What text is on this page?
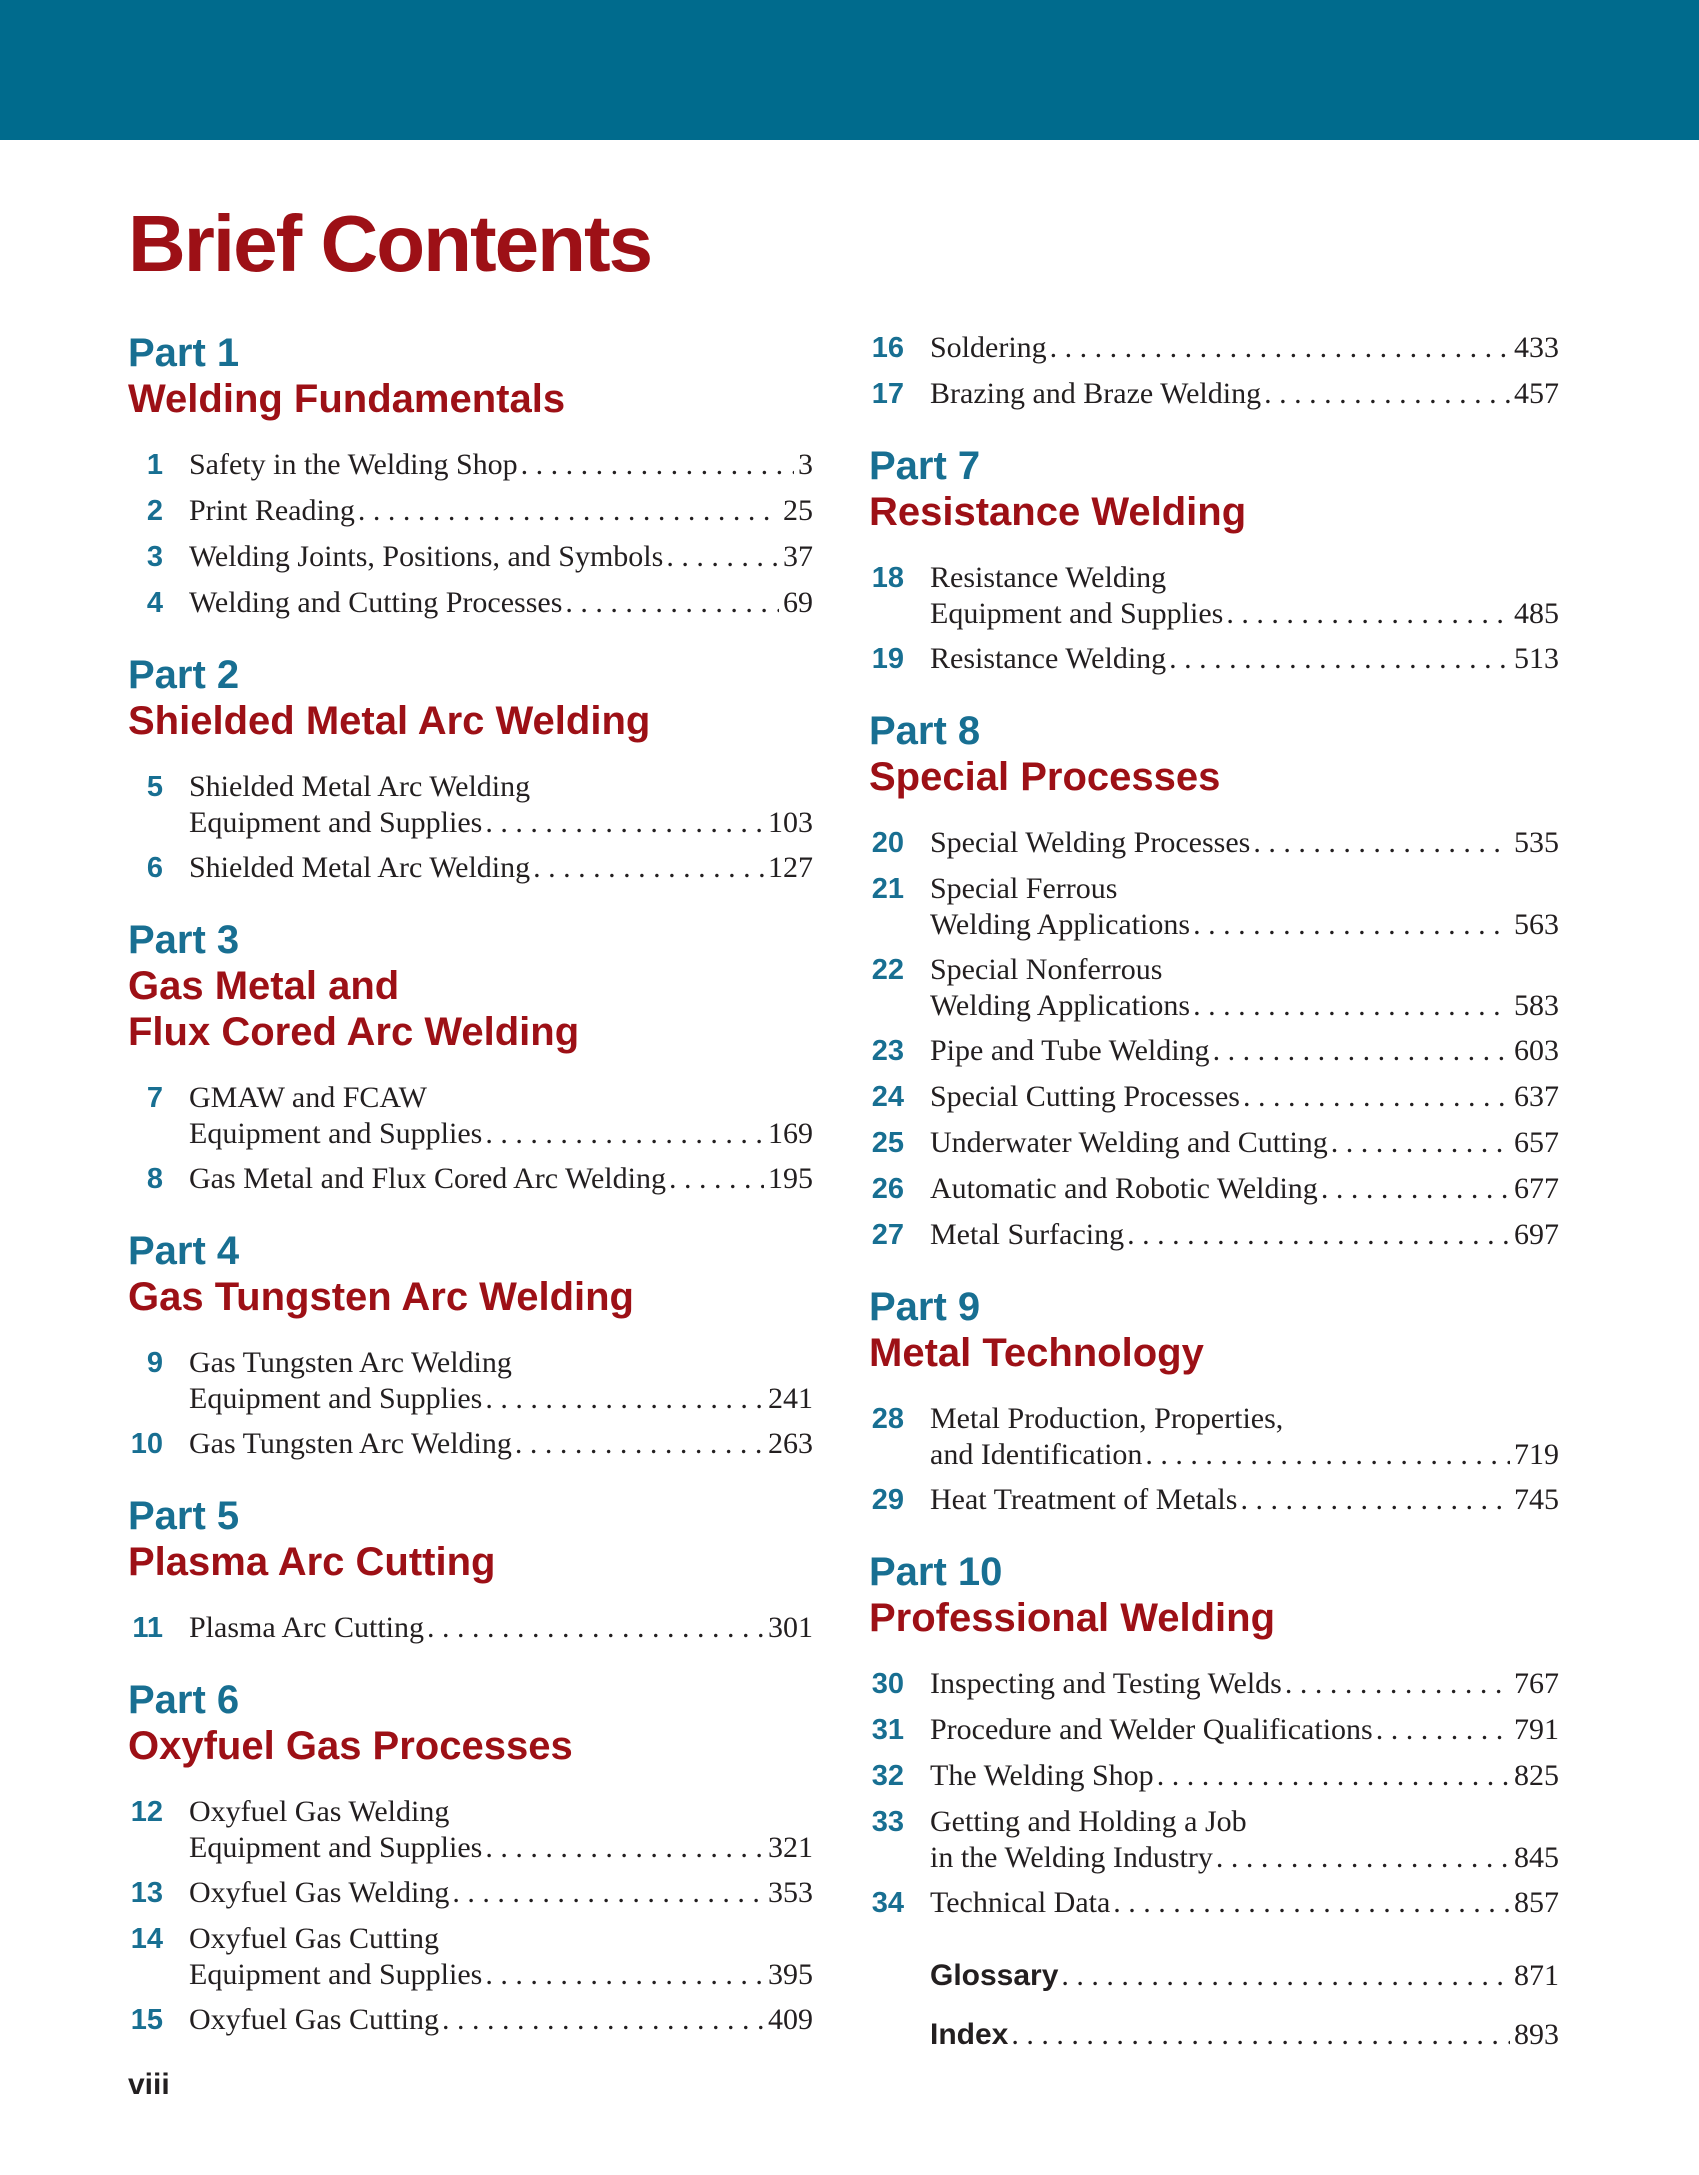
Brief Contents
Part 1
Welding Fundamentals
1 Safety in the Welding Shop . . .	3
2 Print Reading . . .	25
3 Welding Joints, Positions, and Symbols . . .	37
4 Welding and Cutting Processes . . .	69
Part 2
Shielded Metal Arc Welding
5 Shielded Metal Arc Welding
Equipment and Supplies . . .	103
6 Shielded Metal Arc Welding . . .	127
Part 3
Gas Metal and
Flux Cored Arc Welding
7 GMAW and FCAW
Equipment and Supplies . . .	169
8 Gas Metal and Flux Cored Arc Welding . . .	195
Part 4
Gas Tungsten Arc Welding
9 Gas Tungsten Arc Welding
Equipment and Supplies . . .	241
10 Gas Tungsten Arc Welding . . .	263
Part 5
Plasma Arc Cutting
11 Plasma Arc Cutting . . .	301
Part 6
Oxyfuel Gas Processes
12 Oxyfuel Gas Welding
Equipment and Supplies . . .	321
13 Oxyfuel Gas Welding . . .	353
14 Oxyfuel Gas Cutting
Equipment and Supplies . . .	395
15 Oxyfuel Gas Cutting . . .	409
16 Soldering . . .	433
17 Brazing and Braze Welding . . .	457
Part 7
Resistance Welding
18 Resistance Welding
Equipment and Supplies . . .	485
19 Resistance Welding . . .	513
Part 8
Special Processes
20 Special Welding Processes . . .	535
21 Special Ferrous
Welding Applications . . .	563
22 Special Nonferrous
Welding Applications . . .	583
23 Pipe and Tube Welding . . .	603
24 Special Cutting Processes . . .	637
25 Underwater Welding and Cutting . . .	657
26 Automatic and Robotic Welding . . .	677
27 Metal Surfacing . . .	697
Part 9
Metal Technology
28 Metal Production, Properties,
and Identification . . .	719
29 Heat Treatment of Metals . . .	745
Part 10
Professional Welding
30 Inspecting and Testing Welds . . .	767
31 Procedure and Welder Qualifications . . .	791
32 The Welding Shop . . .	825
33 Getting and Holding a Job
in the Welding Industry . . .	845
34 Technical Data . . .	857
Glossary . . .	871
Index . . .	893
viii
